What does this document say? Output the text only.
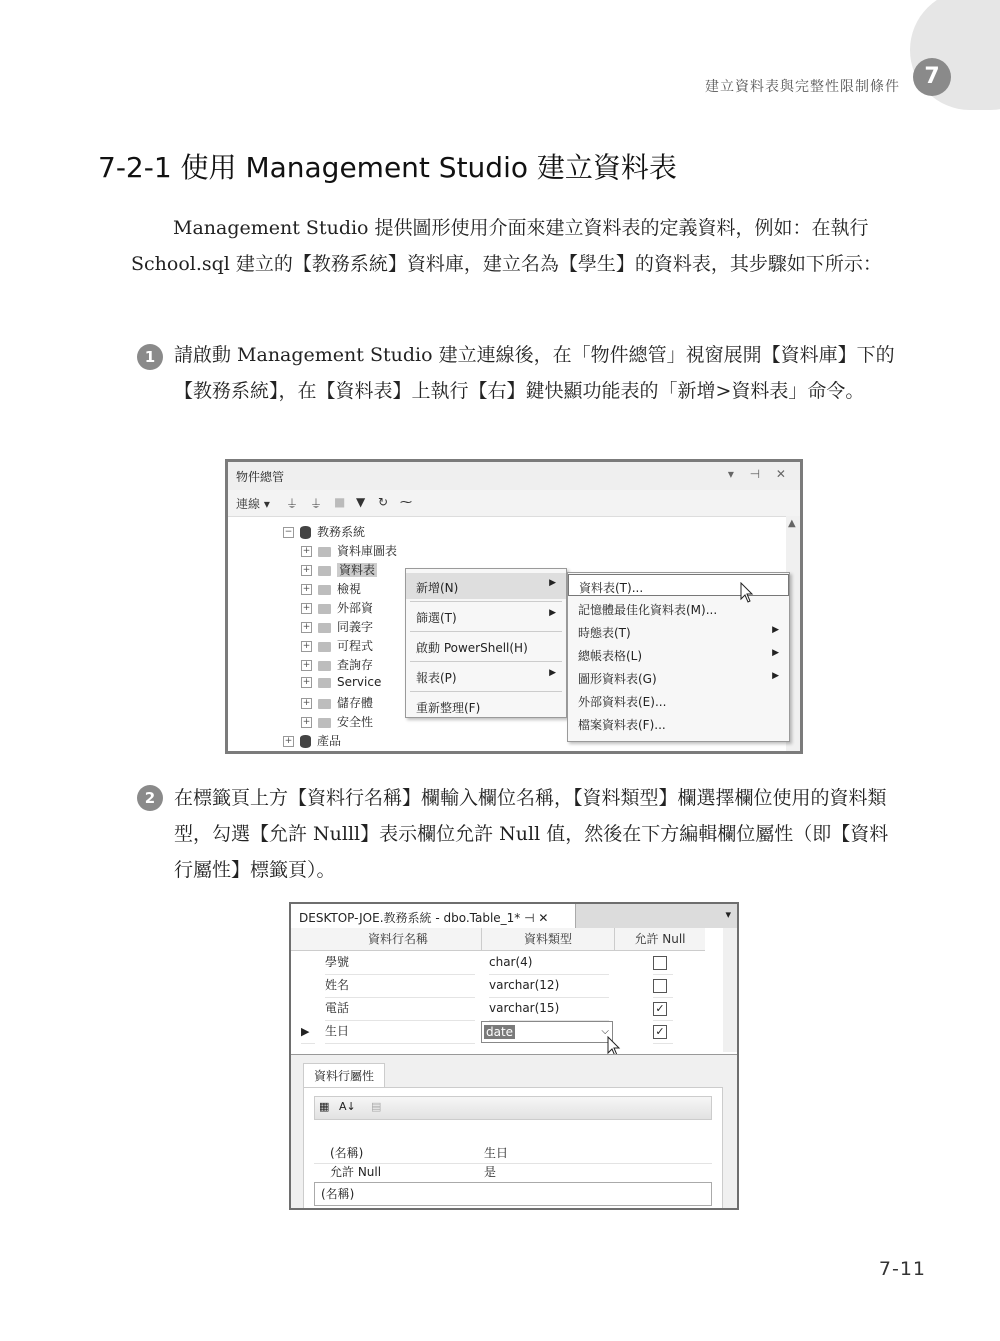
建立資料表與完整性限制條件	7
7-2-1 使用 Management Studio 建立資料表
Management Studio 提供圖形使用介面來建立資料表的定義資料，例如：在執行 School.sql 建立的【教務系統】資料庫，建立名為【學生】的資料表，其步驟如下所示：
1 請啟動 Management Studio 建立連線後，在「物件總管」視窗展開【資料庫】下的【教務系統】，在【資料表】上執行【右】鍵快顯功能表的「新增>資料表」命令。
物件總管	▾ ⊣ ✕
連線 ▾ ⏚ ⏚ ■ ▼ ↻ ⁓
− 教務系統
+ 資料庫圖表
+ 資料表
+ 檢視
+ 外部資
+ 同義字
+ 可程式
+ 查詢存
+ Service
+ 儲存體
+ 安全性
+ 產品
▲
新增(N)	▶
篩選(T)	▶
啟動 PowerShell(H)
報表(P)	▶
重新整理(F)
資料表(T)...
記憶體最佳化資料表(M)...
時態表(T)	▶
總帳表格(L)	▶
圖形資料表(G)	▶
外部資料表(E)...
檔案資料表(F)...
2 在標籤頁上方【資料行名稱】欄輸入欄位名稱，【資料類型】欄選擇欄位使用的資料類型，勾選【允許 Nulll】表示欄位允許 Null 值，然後在下方編輯欄位屬性（即【資料行屬性】標籤頁）。
DESKTOP-JOE.教務系統 - dbo.Table_1* ⊣ ✕	▾
資料行名稱	資料類型	允許 Null
學號	char(4)
姓名	varchar(12)
電話	varchar(15)	✓
▶	生日	date	⌵	✓
資料行屬性
▦ A↓ ▤
(名稱)	生日
允許 Null	是
(名稱)
7-11
